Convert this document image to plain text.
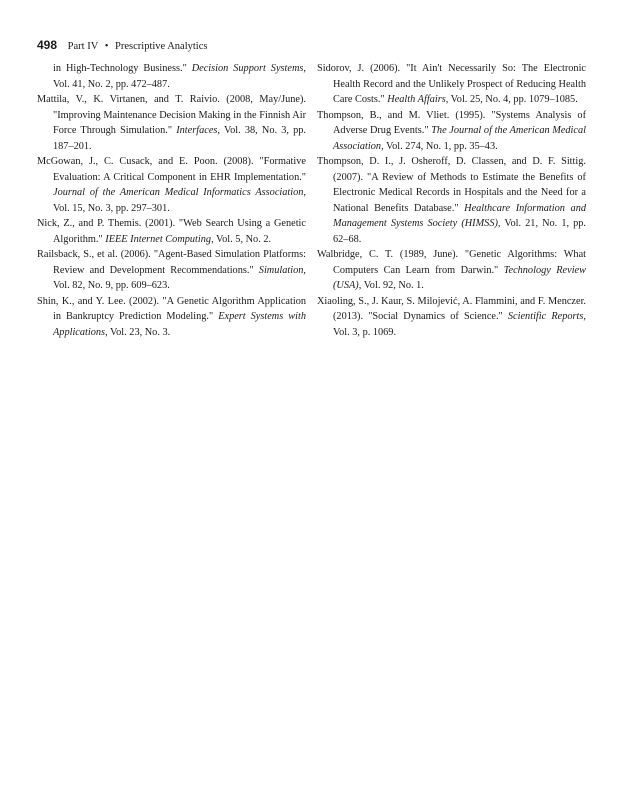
498 Part IV • Prescriptive Analytics

in High-Technology Business." Decision Support Systems, Vol. 41, No. 2, pp. 472–487.

Mattila, V., K. Virtanen, and T. Raivio. (2008, May/June). "Improving Maintenance Decision Making in the Finnish Air Force Through Simulation." Interfaces, Vol. 38, No. 3, pp. 187–201.

McGowan, J., C. Cusack, and E. Poon. (2008). "Formative Evaluation: A Critical Component in EHR Implementation." Journal of the American Medical Informatics Association, Vol. 15, No. 3, pp. 297–301.

Nick, Z., and P. Themis. (2001). "Web Search Using a Genetic Algorithm." IEEE Internet Computing, Vol. 5, No. 2.

Railsback, S., et al. (2006). "Agent-Based Simulation Platforms: Review and Development Recommendations." Simulation, Vol. 82, No. 9, pp. 609–623.

Shin, K., and Y. Lee. (2002). "A Genetic Algorithm Application in Bankruptcy Prediction Modeling." Expert Systems with Applications, Vol. 23, No. 3.

Sidorov, J. (2006). "It Ain't Necessarily So: The Electronic Health Record and the Unlikely Prospect of Reducing Health Care Costs." Health Affairs, Vol. 25, No. 4, pp. 1079–1085.

Thompson, B., and M. Vliet. (1995). "Systems Analysis of Adverse Drug Events." The Journal of the American Medical Association, Vol. 274, No. 1, pp. 35–43.

Thompson, D. I., J. Osheroff, D. Classen, and D. F. Sittig. (2007). "A Review of Methods to Estimate the Benefits of Electronic Medical Records in Hospitals and the Need for a National Benefits Database." Healthcare Information and Management Systems Society (HIMSS), Vol. 21, No. 1, pp. 62–68.

Walbridge, C. T. (1989, June). "Genetic Algorithms: What Computers Can Learn from Darwin." Technology Review (USA), Vol. 92, No. 1.

Xiaoling, S., J. Kaur, S. Milojević, A. Flammini, and F. Menczer. (2013). "Social Dynamics of Science." Scientific Reports, Vol. 3, p. 1069.
